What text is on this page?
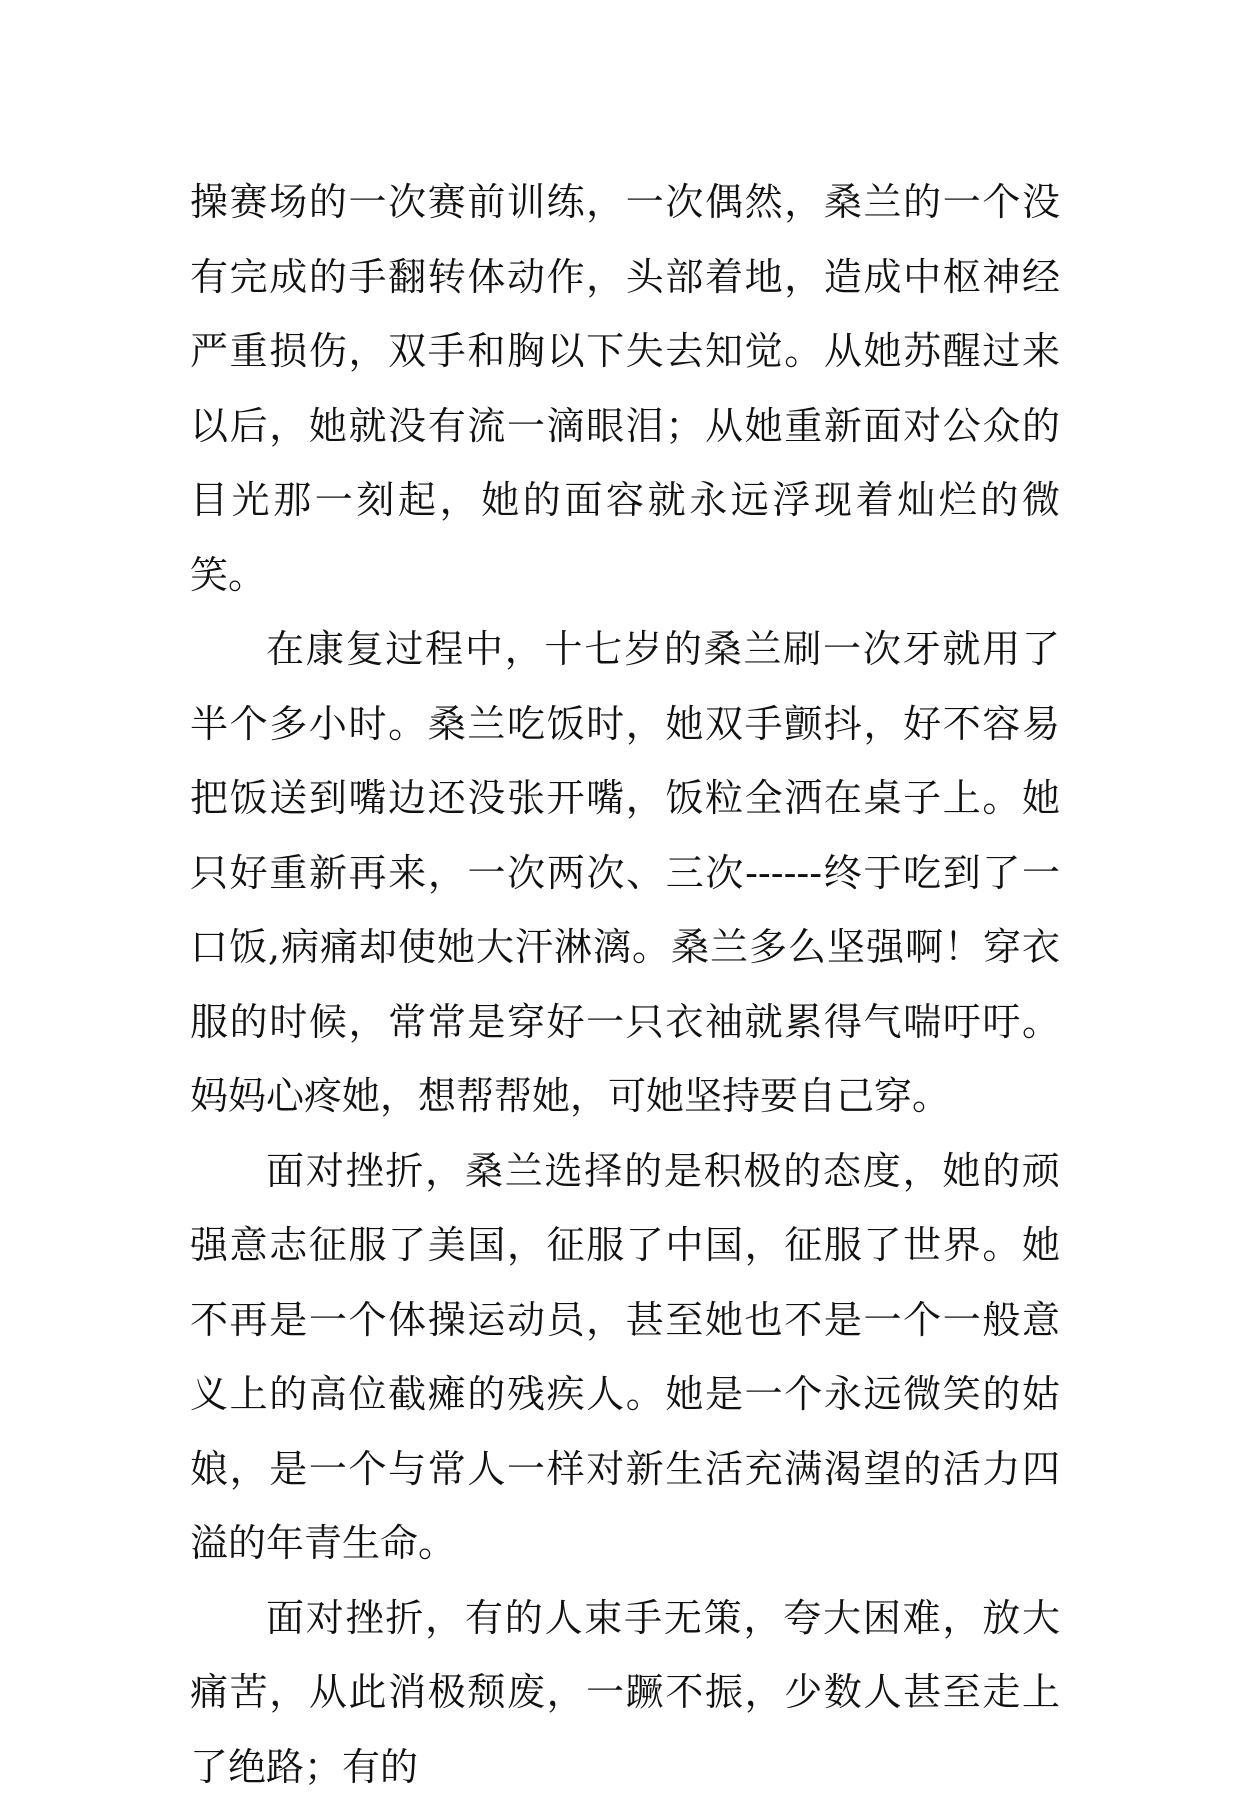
操赛场的一次赛前训练，一次偶然，桑兰的一个没有完成的手翻转体动作，头部着地，造成中枢神经严重损伤，双手和胸以下失去知觉。从她苏醒过来以后，她就没有流一滴眼泪；从她重新面对公众的目光那一刻起，她的面容就永远浮现着灿烂的微笑。

在康复过程中，十七岁的桑兰刷一次牙就用了半个多小时。桑兰吃饭时，她双手颤抖，好不容易把饭送到嘴边还没张开嘴，饭粒全洒在桌子上。她只好重新再来，一次两次、三次------终于吃到了一口饭,病痛却使她大汗淋漓。桑兰多么坚强啊！穿衣服的时候，常常是穿好一只衣袖就累得气喘吁吁。妈妈心疼她，想帮帮她，可她坚持要自己穿。

面对挫折，桑兰选择的是积极的态度，她的顽强意志征服了美国，征服了中国，征服了世界。她不再是一个体操运动员，甚至她也不是一个一般意义上的高位截瘫的残疾人。她是一个永远微笑的姑娘，是一个与常人一样对新生活充满渴望的活力四溢的年青生命。

面对挫折，有的人束手无策，夸大困难，放大痛苦，从此消极颓废，一蹶不振，少数人甚至走上了绝路；有的
